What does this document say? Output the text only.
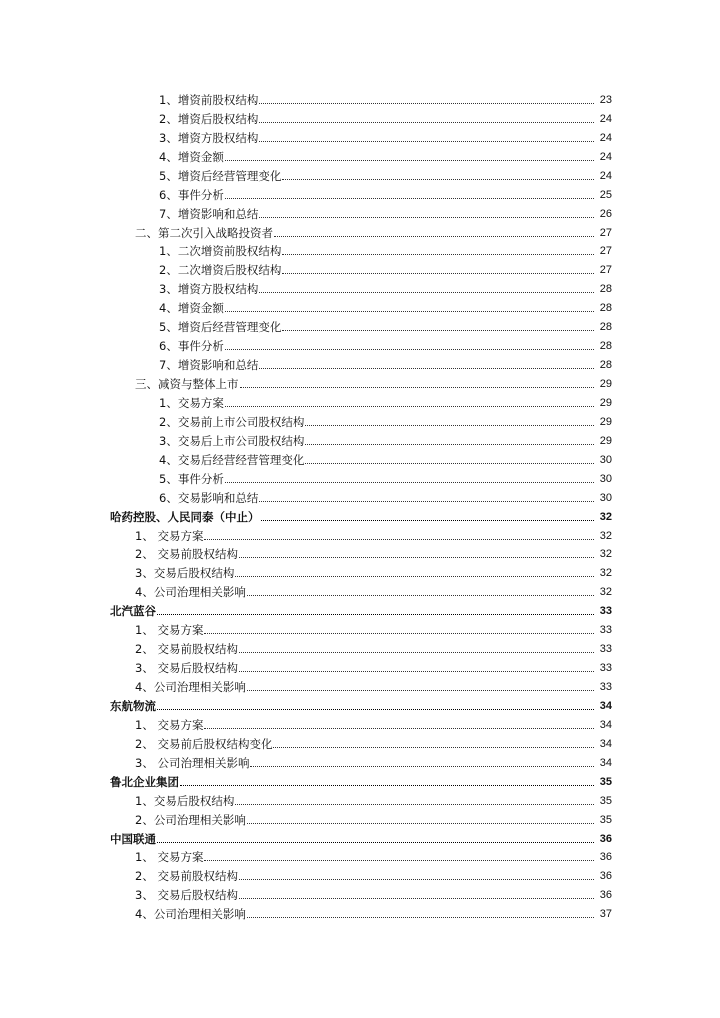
1、增资前股权结构	23
2、增资后股权结构	24
3、增资方股权结构	24
4、增资金额	24
5、增资后经营管理变化	24
6、事件分析	25
7、增资影响和总结	26
二、第二次引入战略投资者	27
1、二次增资前股权结构	27
2、二次增资后股权结构	27
3、增资方股权结构	28
4、增资金额	28
5、增资后经营管理变化	28
6、事件分析	28
7、增资影响和总结	28
三、减资与整体上市	29
1、交易方案	29
2、交易前上市公司股权结构	29
3、交易后上市公司股权结构	29
4、交易后经营经营管理变化	30
5、事件分析	30
6、交易影响和总结	30
哈药控股、人民同泰（中止）	32
1、 交易方案	32
2、 交易前股权结构	32
3、交易后股权结构	32
4、公司治理相关影响	32
北汽蓝谷	33
1、 交易方案	33
2、 交易前股权结构	33
3、 交易后股权结构	33
4、公司治理相关影响	33
东航物流	34
1、 交易方案	34
2、 交易前后股权结构变化	34
3、 公司治理相关影响	34
鲁北企业集团	35
1、交易后股权结构	35
2、公司治理相关影响	35
中国联通	36
1、 交易方案	36
2、 交易前股权结构	36
3、 交易后股权结构	36
4、公司治理相关影响	37
